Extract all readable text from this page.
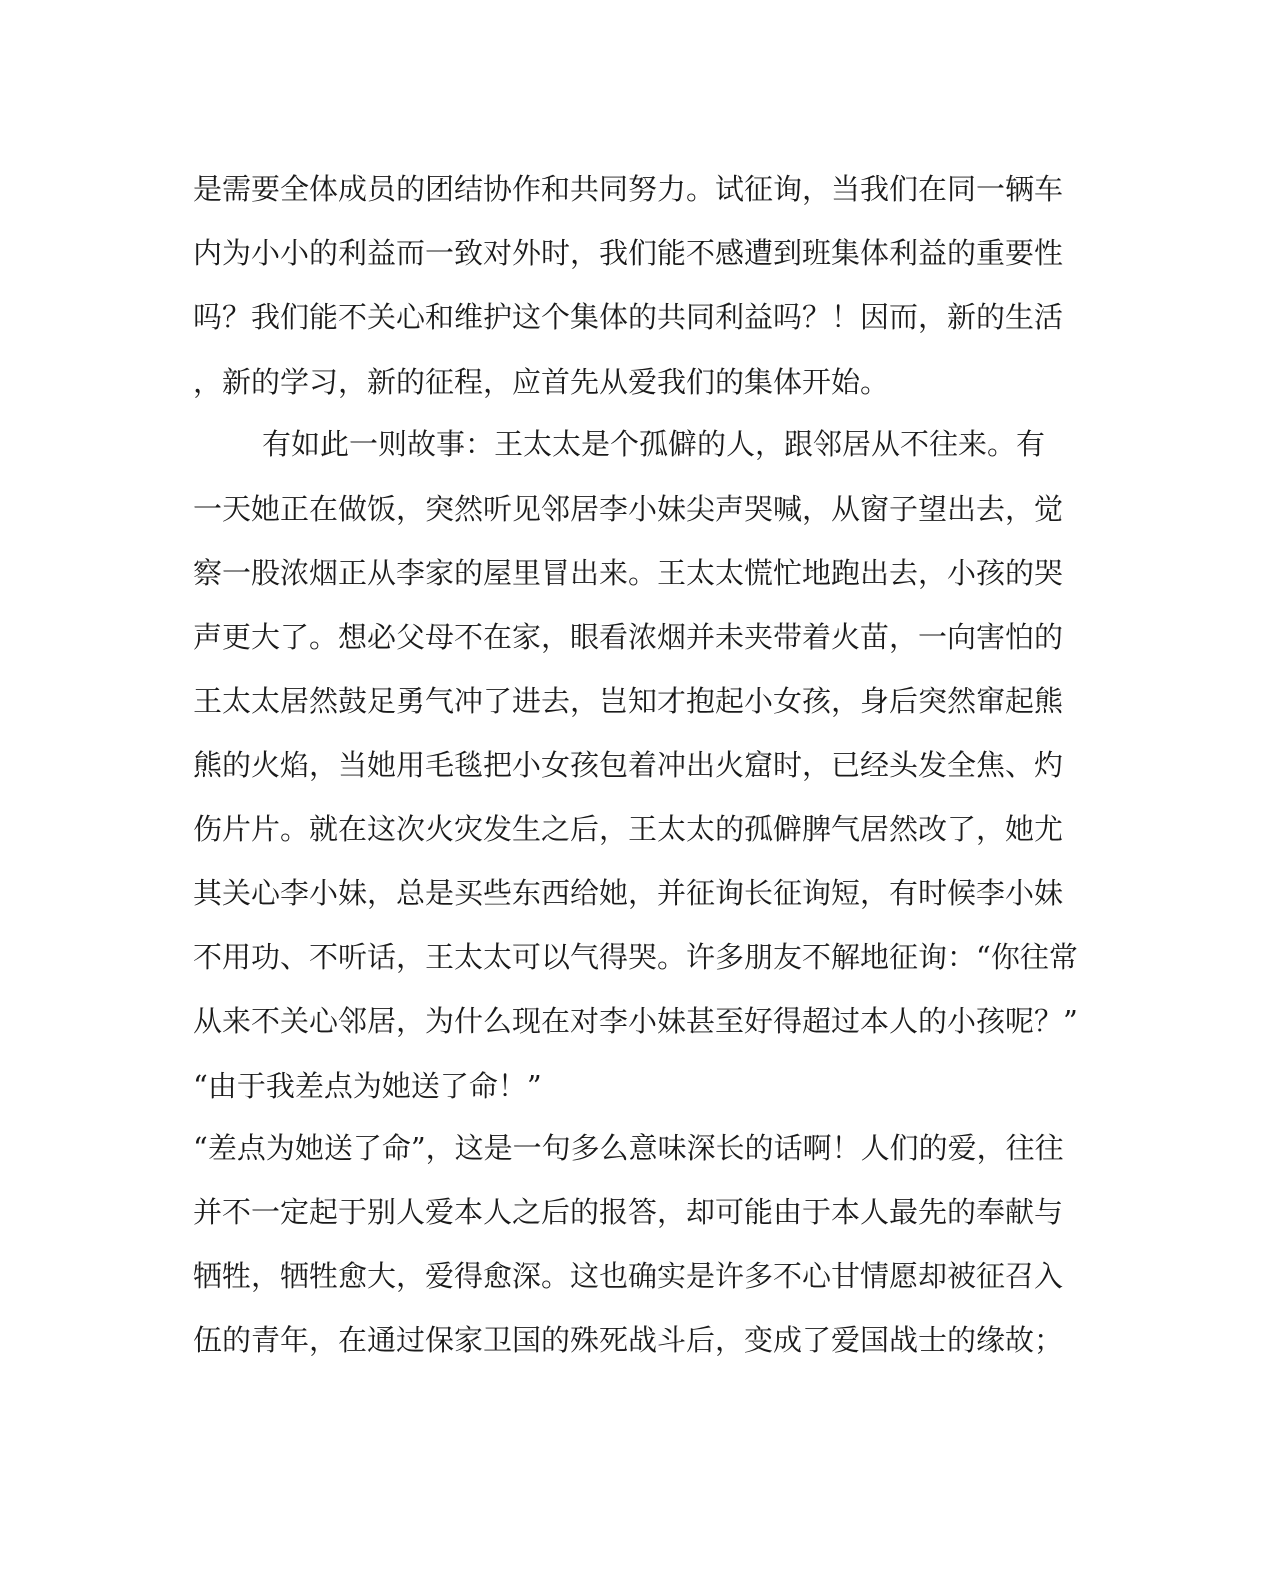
是需要全体成员的团结协作和共同努力。试征询，当我们在同一辆车
内为小小的利益而一致对外时，我们能不感遭到班集体利益的重要性
吗？我们能不关心和维护这个集体的共同利益吗？！因而，新的生活
，新的学习，新的征程，应首先从爱我们的集体开始。
有如此一则故事：王太太是个孤僻的人，跟邻居从不往来。有
一天她正在做饭，突然听见邻居李小妹尖声哭喊，从窗子望出去，觉
察一股浓烟正从李家的屋里冒出来。王太太慌忙地跑出去，小孩的哭
声更大了。想必父母不在家，眼看浓烟并未夹带着火苗，一向害怕的
王太太居然鼓足勇气冲了进去，岂知才抱起小女孩，身后突然窜起熊
熊的火焰，当她用毛毯把小女孩包着冲出火窟时，已经头发全焦、灼
伤片片。就在这次火灾发生之后，王太太的孤僻脾气居然改了，她尤
其关心李小妹，总是买些东西给她，并征询长征询短，有时候李小妹
不用功、不听话，王太太可以气得哭。许多朋友不解地征询：“你往常
从来不关心邻居，为什么现在对李小妹甚至好得超过本人的小孩呢？”
“由于我差点为她送了命！”
“差点为她送了命”，这是一句多么意味深长的话啊！人们的爱，往往
并不一定起于别人爱本人之后的报答，却可能由于本人最先的奉献与
牺牲，牺牲愈大，爱得愈深。这也确实是许多不心甘情愿却被征召入
伍的青年，在通过保家卫国的殊死战斗后，变成了爱国战士的缘故；
